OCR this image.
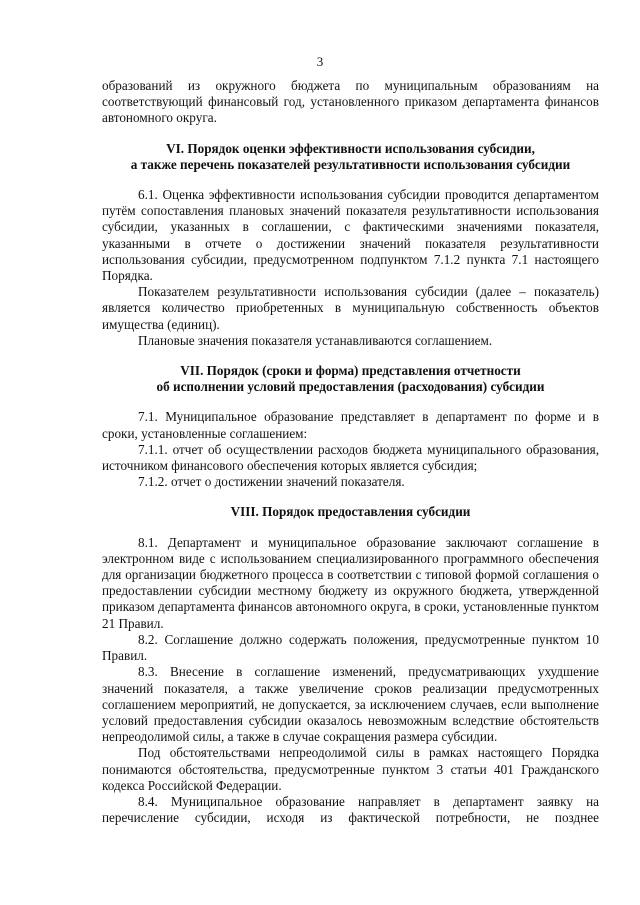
3

образований из окружного бюджета по муниципальным образованиям на соответствующий финансовый год, установленного приказом департамента финансов автономного округа.

VI. Порядок оценки эффективности использования субсидии,
а также перечень показателей результативности использования субсидии

6.1. Оценка эффективности использования субсидии проводится департаментом путём сопоставления плановых значений показателя результативности использования субсидии, указанных в соглашении, с фактическими значениями показателя, указанными в отчете о достижении значений показателя результативности использования субсидии, предусмотренном подпунктом 7.1.2 пункта 7.1 настоящего Порядка.

Показателем результативности использования субсидии (далее – показатель) является количество приобретенных в муниципальную собственность объектов имущества (единиц).

Плановые значения показателя устанавливаются соглашением.

VII. Порядок (сроки и форма) представления отчетности
об исполнении условий предоставления (расходования) субсидии

7.1. Муниципальное образование представляет в департамент по форме и в сроки, установленные соглашением:

7.1.1. отчет об осуществлении расходов бюджета муниципального образования, источником финансового обеспечения которых является субсидия;

7.1.2. отчет о достижении значений показателя.

VIII. Порядок предоставления субсидии

8.1. Департамент и муниципальное образование заключают соглашение в электронном виде с использованием специализированного программного обеспечения для организации бюджетного процесса в соответствии с типовой формой соглашения о предоставлении субсидии местному бюджету из окружного бюджета, утвержденной приказом департамента финансов автономного округа, в сроки, установленные пунктом 21 Правил.

8.2. Соглашение должно содержать положения, предусмотренные пунктом 10 Правил.

8.3. Внесение в соглашение изменений, предусматривающих ухудшение значений показателя, а также увеличение сроков реализации предусмотренных соглашением мероприятий, не допускается, за исключением случаев, если выполнение условий предоставления субсидии оказалось невозможным вследствие обстоятельств непреодолимой силы, а также в случае сокращения размера субсидии.

Под обстоятельствами непреодолимой силы в рамках настоящего Порядка понимаются обстоятельства, предусмотренные пунктом 3 статьи 401 Гражданского кодекса Российской Федерации.

8.4. Муниципальное образование направляет в департамент заявку на перечисление субсидии, исходя из фактической потребности, не позднее
